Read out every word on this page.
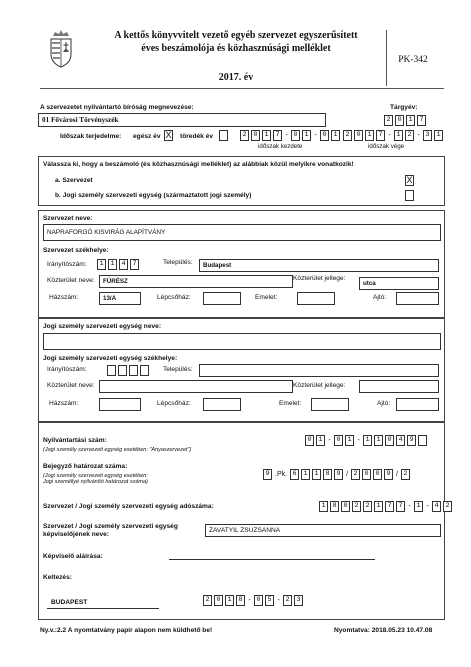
A kettős könyvvitelt vezető egyéb szervezet egyszerűsített
éves beszámolója és közhasznúsági melléklet
2017. év
PK-342
A szervezetet nyilvántartó bíróság megnevezése:	Tárgyév:
01 Fővárosi Törvényszék	2	0	1	7
Időszak terjedelme: egész év X töredék év	2	0	1	7 - 0	1 - 0	1	2	0	1	7 - 1	2 - 3	1
időszak kezdete	időszak vége
Válassza ki, hogy a beszámoló (és közhasznúsági melléklet) az alábbiak közül melyikre vonatkozik!
a. Szervezet
b. Jogi személy szervezeti egység (származtatott jogi személy)
X
Szervezet neve:
NAPRAFORGÓ KISVIRÁG ALAPÍTVÁNY
Szervezet székhelye:
Irányítószám:	1	1	4	7	Település:	Budapest
Közterület neve:	FÜRÉSZ	Közterület jellege:
utca
Házszám:	13/A	Lépcsőház:	Emelet:	Ajtó:
Jogi személy szervezeti egység neve:
Jogi személy szervezeti egység székhelye:
Irányítószám:	Település:
Közterület neve:	Közterület jellege:
Házszám:	Lépcsőház:	Emelet:	Ajtó:
Nyilvántartási szám:
(Jogi személy szervezeti egység esetében: "Anyaszervezet")
0	1 - 0	1 - 1	1	0	4	9
Bejegyző határozat száma:
(Jogi személy szervezeti egység esetében:
Jogi személlyé nyilvánító határozat száma)
9 .Pk. 6	1	1	8	9 / 2	0	0	9 / 2
Szervezet / Jogi személy szervezeti egység adószáma:	1	8	0	2	2	1	7	7 - 1 - 4	2
Szervezet / Jogi személy szervezeti egység
képviselőjének neve:
ZAVATYIL ZSUZSANNA
Képviselő aláírása:
Keltezés:
BUDAPEST	2	0	1	8 - 0	5 - 2	3
Ny.v.:2.2 A nyomtatvány papír alapon nem küldhető be!	Nyomtatva: 2018.05.23 10.47.08
